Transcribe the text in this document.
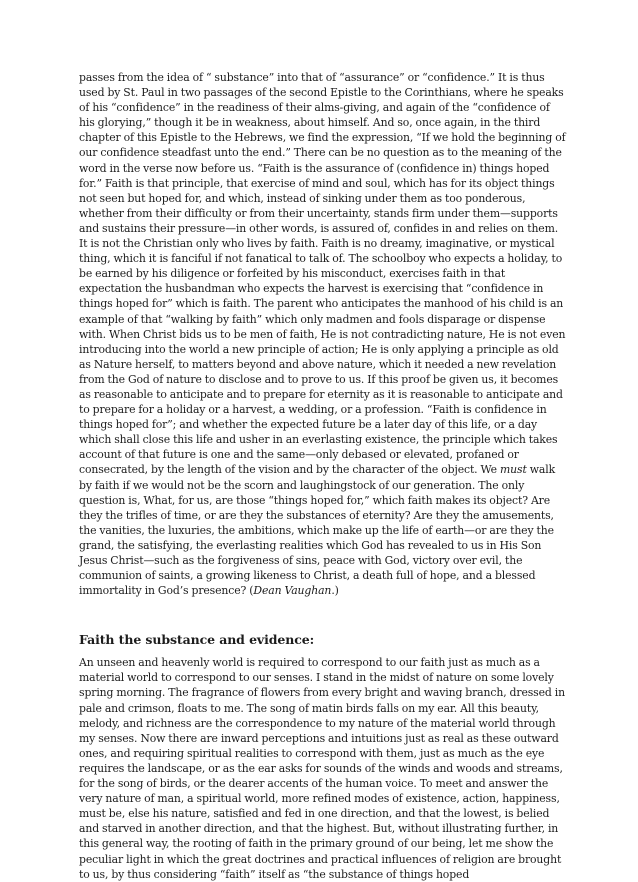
passes from the idea of “ substance” into that of “assurance” or “confidence.” It is thus used by St. Paul in two passages of the second Epistle to the Corinthians, where he speaks of his “confidence” in the readiness of their alms-giving, and again of the “confidence of his glorying,” though it be in weakness, about himself. And so, once again, in the third chapter of this Epistle to the Hebrews, we find the expression, “If we hold the beginning of our confidence steadfast unto the end.” There can be no question as to the meaning of the word in the verse now before us. “Faith is the assurance of (confidence in) things hoped for.” Faith is that principle, that exercise of mind and soul, which has for its object things not seen but hoped for, and which, instead of sinking under them as too ponderous, whether from their difficulty or from their uncertainty, stands firm under them—supports and sustains their pressure—in other words, is assured of, confides in and relies on them. It is not the Christian only who lives by faith. Faith is no dreamy, imaginative, or mystical thing, which it is fanciful if not fanatical to talk of. The schoolboy who expects a holiday, to be earned by his diligence or forfeited by his misconduct, exercises faith in that expectation the husbandman who expects the harvest is exercising that “confidence in things hoped for” which is faith. The parent who anticipates the manhood of his child is an example of that “walking by faith” which only madmen and fools disparage or dispense with. When Christ bids us to be men of faith, He is not contradicting nature, He is not even introducing into the world a new principle of action; He is only applying a principle as old as Nature herself, to matters beyond and above nature, which it needed a new revelation from the God of nature to disclose and to prove to us. If this proof be given us, it becomes as reasonable to anticipate and to prepare for eternity as it is reasonable to anticipate and to prepare for a holiday or a harvest, a wedding, or a profession. “Faith is confidence in things hoped for”; and whether the expected future be a later day of this life, or a day which shall close this life and usher in an everlasting existence, the principle which takes account of that future is one and the same—only debased or elevated, profaned or consecrated, by the length of the vision and by the character of the object. We must walk by faith if we would not be the scorn and laughingstock of our generation. The only question is, What, for us, are those “things hoped for,” which faith makes its object? Are they the trifles of time, or are they the substances of eternity? Are they the amusements, the vanities, the luxuries, the ambitions, which make up the life of earth—or are they the grand, the satisfying, the everlasting realities which God has revealed to us in His Son Jesus Christ—such as the forgiveness of sins, peace with God, victory over evil, the communion of saints, a growing likeness to Christ, a death full of hope, and a blessed immortality in God’s presence? (Dean Vaughan.)

Faith the substance and evidence:

An unseen and heavenly world is required to correspond to our faith just as much as a material world to correspond to our senses. I stand in the midst of nature on some lovely spring morning. The fragrance of flowers from every bright and waving branch, dressed in pale and crimson, floats to me. The song of matin birds falls on my ear. All this beauty, melody, and richness are the correspondence to my nature of the material world through my senses. Now there are inward perceptions and intuitions just as real as these outward ones, and requiring spiritual realities to correspond with them, just as much as the eye requires the landscape, or as the ear asks for sounds of the winds and woods and streams, for the song of birds, or the dearer accents of the human voice. To meet and answer the very nature of man, a spiritual world, more refined modes of existence, action, happiness, must be, else his nature, satisfied and fed in one direction, and that the lowest, is belied and starved in another direction, and that the highest. But, without illustrating further, in this general way, the rooting of faith in the primary ground of our being, let me show the peculiar light in which the great doctrines and practical influences of religion are brought to us, by thus considering “faith” itself as “the substance of things hoped
